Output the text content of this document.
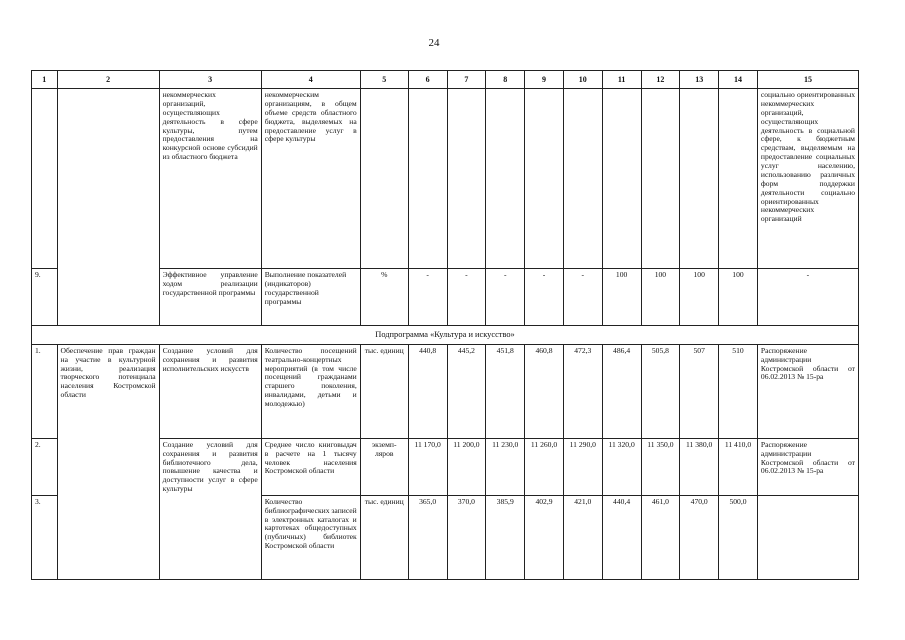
24
1	2	3	4	5	6	7	8	9	10	11	12	13	14	15
		некоммерческих организаций, осуществляющих деятельность в сфере культуры, путем предоставления на конкурсной основе субсидий из областного бюджета	некоммерческим организациям, в общем объеме средств областного бюджета, выделяемых на предоставление услуг в сфере культуры											социально ориентированных некоммерческих организаций, осуществляющих деятельность в социальной сфере, к бюджетным средствам, выделяемым на предоставление социальных услуг населению, использованию различных форм поддержки деятельности социально ориентированных некоммерческих организаций
9.		Эффективное управление ходом реализации государственной программы	Выполнение показателей (индикаторов) государственной программы	%	-	-	-	-	-	100	100	100	100	-
Подпрограмма «Культура и искусство»														
1.	Обеспечение прав граждан на участие в культурной жизни, реализация творческого потенциала населения Костромской области	Создание условий для сохранения и развития исполнительских искусств	Количество посещений театрально-концертных мероприятий (в том числе посещений гражданами старшего поколения, инвалидами, детьми и молодежью)	тыс. единиц	440,8	445,2	451,8	460,8	472,3	486,4	505,8	507	510	Распоряжение администрации Костромской области от 06.02.2013 № 15-ра
2.		Создание условий для сохранения и развития библиотечного дела, повышение качества и доступности услуг в сфере культуры	Среднее число книговыдач в расчете на 1 тысячу человек населения Костромской области	экземп-ляров	11 170,0	11 200,0	11 230,0	11 260,0	11 290,0	11 320,0	11 350,0	11 380,0	11 410,0	Распоряжение администрации Костромской области от 06.02.2013 № 15-ра
3.			Количество библиографических записей в электронных каталогах и картотеках общедоступных (публичных) библиотек Костромской области	тыс. единиц	365,0	370,0	385,9	402,9	421,0	440,4	461,0	470,0	500,0	
